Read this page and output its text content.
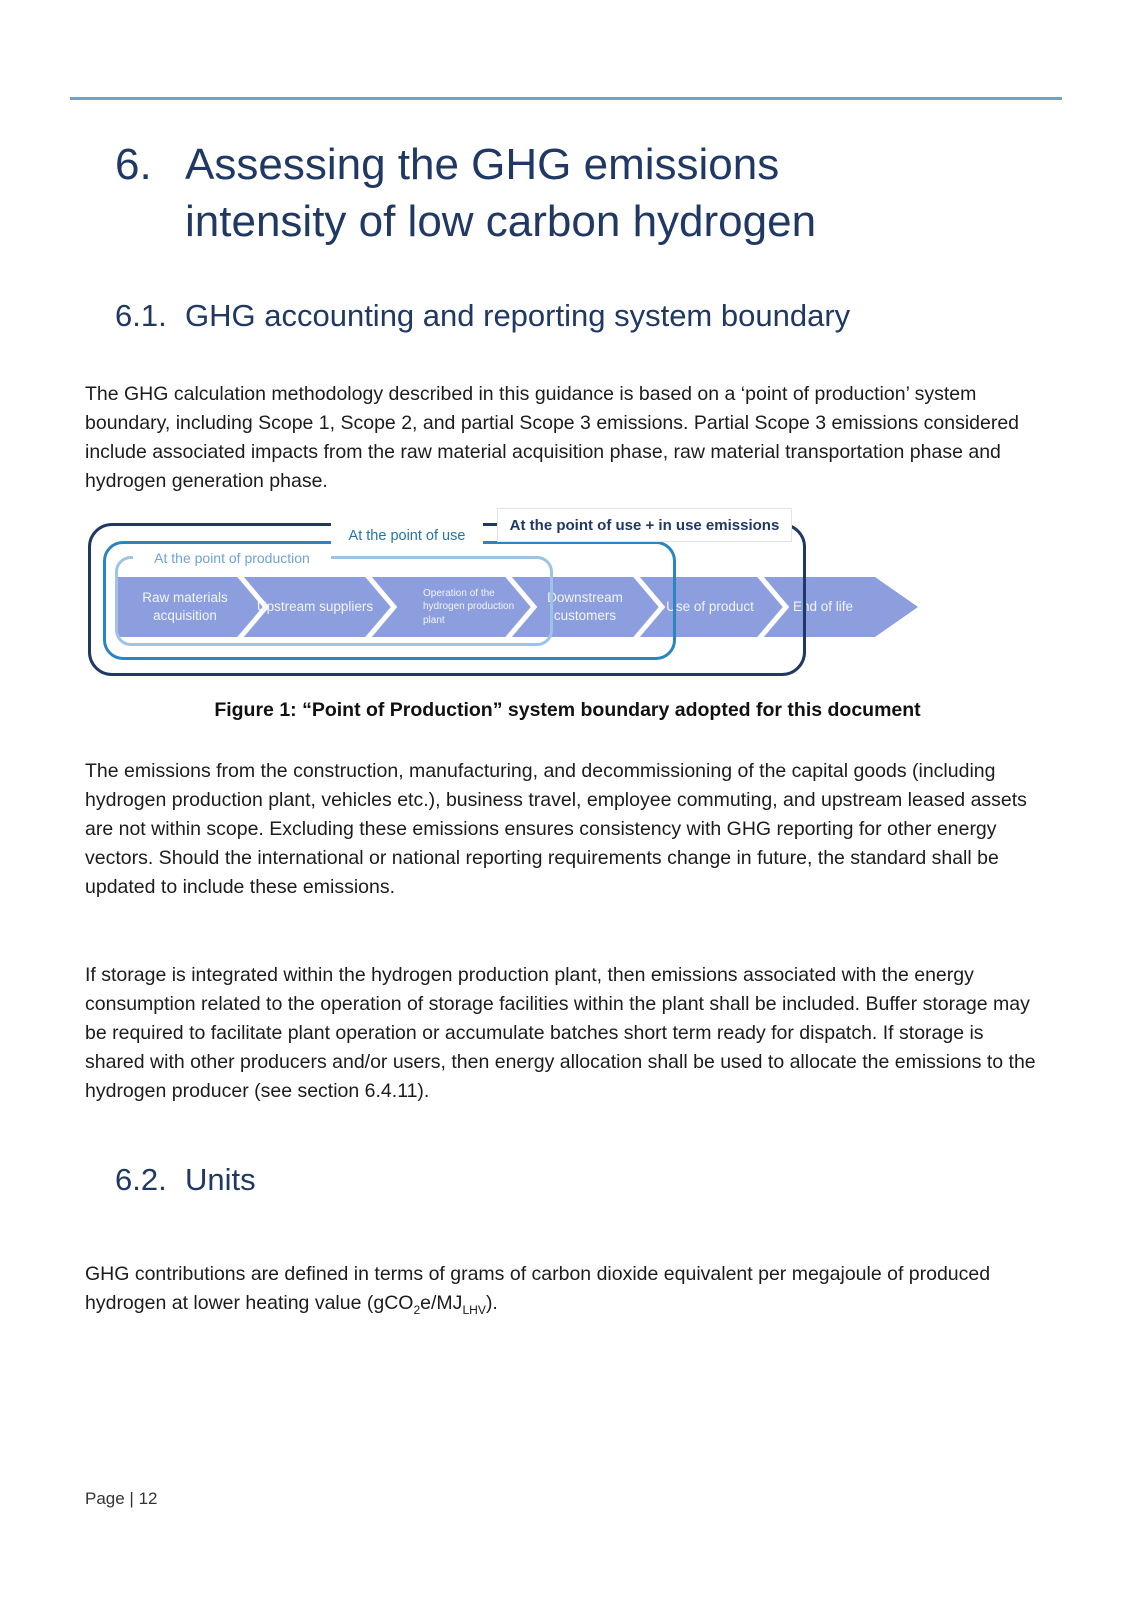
6. Assessing the GHG emissions
intensity of low carbon hydrogen
6.1. GHG accounting and reporting system boundary

The GHG calculation methodology described in this guidance is based on a ‘point of production’ system boundary, including Scope 1, Scope 2, and partial Scope 3 emissions. Partial Scope 3 emissions considered include associated impacts from the raw material acquisition phase, raw material transportation phase and hydrogen generation phase.

Raw materials acquisition
Upstream suppliers
Operation of the hydrogen production plant
Downstream customers
Use of product	End of life
At the point of production
At the point of use
At the point of use + in use emissions
Figure 1: “Point of Production” system boundary adopted for this document

The emissions from the construction, manufacturing, and decommissioning of the capital goods (including hydrogen production plant, vehicles etc.), business travel, employee commuting, and upstream leased assets are not within scope. Excluding these emissions ensures consistency with GHG reporting for other energy vectors. Should the international or national reporting requirements change in future, the standard shall be updated to include these emissions.

If storage is integrated within the hydrogen production plant, then emissions associated with the energy consumption related to the operation of storage facilities within the plant shall be included. Buffer storage may be required to facilitate plant operation or accumulate batches short term ready for dispatch. If storage is shared with other producers and/or users, then energy allocation shall be used to allocate the emissions to the hydrogen producer (see section 6.4.11).

6.2. Units

GHG contributions are defined in terms of grams of carbon dioxide equivalent per megajoule of produced hydrogen at lower heating value $(gCO_2e/MJ_{LHV})$.

Page | 12
